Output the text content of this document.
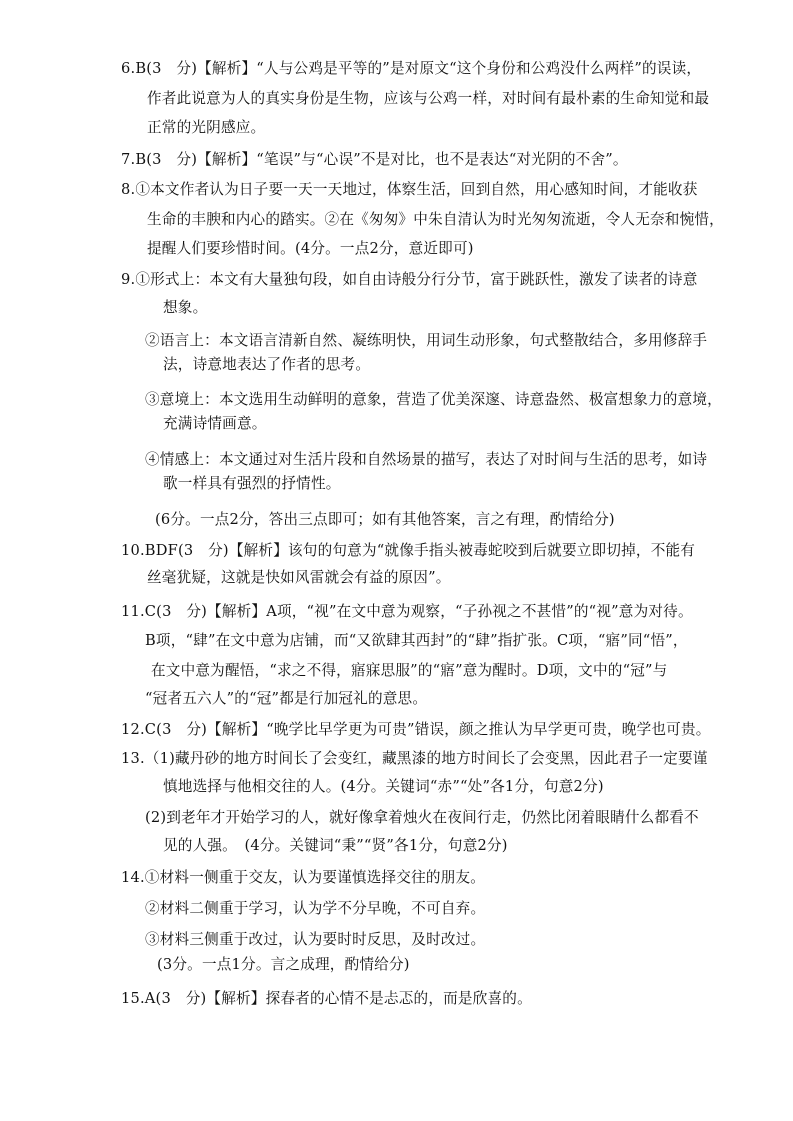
6.B(3　分)【解析】“人与公鸡是平等的”是对原文“这个身份和公鸡没什么两样”的误读，
作者此说意为人的真实身份是生物，应该与公鸡一样，对时间有最朴素的生命知觉和最
正常的光阴感应。
7.B(3　分)【解析】“笔误”与“心误”不是对比，也不是表达“对光阴的不舍”。
8.①本文作者认为日子要一天一天地过，体察生活，回到自然，用心感知时间，才能收获
生命的丰腴和内心的踏实。②在《匆匆》中朱自清认为时光匆匆流逝，令人无奈和惋惜，
提醒人们要珍惜时间。(4分。一点2分，意近即可)
9.①形式上：本文有大量独句段，如自由诗般分行分节，富于跳跃性，激发了读者的诗意
想象。
②语言上：本文语言清新自然、凝练明快，用词生动形象，句式整散结合，多用修辞手
法，诗意地表达了作者的思考。
③意境上：本文选用生动鲜明的意象，营造了优美深邃、诗意盎然、极富想象力的意境，
充满诗情画意。
④情感上：本文通过对生活片段和自然场景的描写，表达了对时间与生活的思考，如诗
歌一样具有强烈的抒情性。
(6分。一点2分，答出三点即可；如有其他答案，言之有理，酌情给分)
10.BDF(3　分)【解析】该句的句意为“就像手指头被毒蛇咬到后就要立即切掉，不能有
丝毫犹疑，这就是快如风雷就会有益的原因”。
11.C(3　分)【解析】A项，“视”在文中意为观察，“子孙视之不甚惜”的“视”意为对待。
B项，“肆”在文中意为店铺，而“又欲肆其西封”的“肆”指扩张。C项，“寤”同“悟”，
在文中意为醒悟，“求之不得，寤寐思服”的“寤”意为醒时。D项，文中的“冠”与
“冠者五六人”的“冠”都是行加冠礼的意思。
12.C(3　分)【解析】“晚学比早学更为可贵”错误，颜之推认为早学更可贵，晚学也可贵。
13.（1)藏丹砂的地方时间长了会变红，藏黑漆的地方时间长了会变黑，因此君子一定要谨
慎地选择与他相交往的人。(4分。关键词“赤”“处”各1分，句意2分)
(2)到老年才开始学习的人，就好像拿着烛火在夜间行走，仍然比闭着眼睛什么都看不
见的人强。　(4分。关键词“秉”“贤”各1分，句意2分)
14.①材料一侧重于交友，认为要谨慎选择交往的朋友。
②材料二侧重于学习，认为学不分早晚，不可自弃。
③材料三侧重于改过，认为要时时反思，及时改过。
(3分。一点1分。言之成理，酌情给分)
15.A(3　分)【解析】探春者的心情不是忐忑的，而是欣喜的。
